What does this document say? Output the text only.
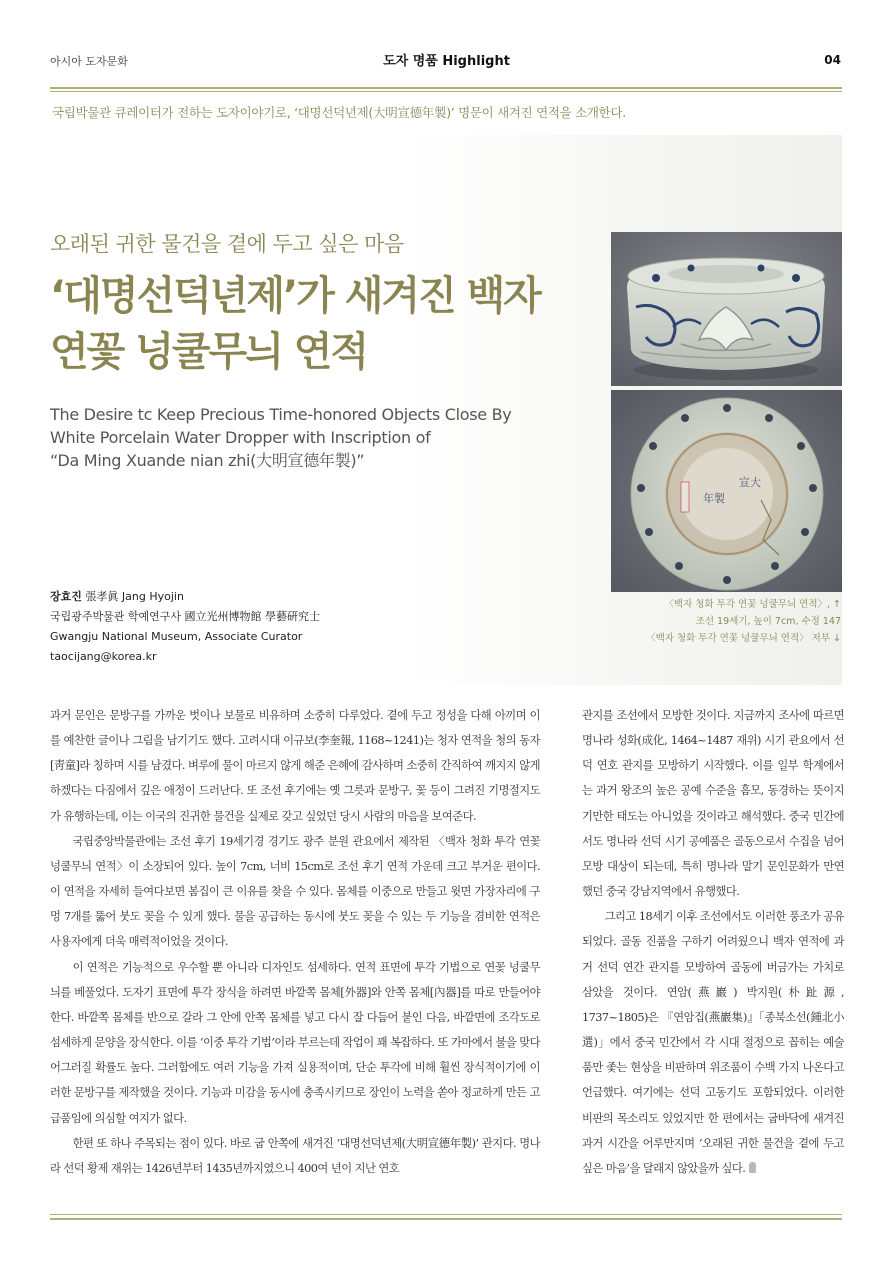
아시아 도자문화	도자 명품 Highlight	04
국립박물관 큐레이터가 전하는 도자이야기로, ‘대명선덕년제(大明宣德年製)’ 명문이 새겨진 연적을 소개한다.
오래된 귀한 물건을 곁에 두고 싶은 마음
‘대명선덕년제’가 새겨진 백자
연꽃 넝쿨무늬 연적
The Desire tc Keep Precious Time-honored Objects Close By
White Porcelain Water Dropper with Inscription of
“Da Ming Xuande nian zhi(大明宣德年製)”
宣大
年製
〈백자 청화 투각 연꽃 넝쿨무늬 연적〉, ↑
조선 19세기, 높이 7cm, 수정 147
〈백자 청화 투각 연꽃 넝쿨무늬 연적〉 저부 ↓
장효진 張孝眞 Jang Hyojin
국립광주박물관 학예연구사 國立光州博物館 學藝硏究士
Gwangju National Museum, Associate Curator
taocijang@korea.kr

과거 문인은 문방구를 가까운 벗이나 보물로 비유하며 소중히 다루었다. 곁에 두고 정성을 다해 아끼며 이를 예찬한 글이나 그림을 남기기도 했다. 고려시대 이규보(李奎報, 1168~1241)는 청자 연적을 청의 동자[靑童]라 칭하며 시를 남겼다. 벼루에 물이 마르지 않게 해준 은혜에 감사하며 소중히 간직하여 깨지지 않게 하겠다는 다짐에서 깊은 애정이 드러난다. 또 조선 후기에는 옛 그릇과 문방구, 꽃 등이 그려진 기명절지도가 유행하는데, 이는 이국의 진귀한 물건을 실제로 갖고 싶었던 당시 사람의 마음을 보여준다.

국립중앙박물관에는 조선 후기 19세기경 경기도 광주 분원 관요에서 제작된 〈백자 청화 투각 연꽃 넝쿨무늬 연적〉이 소장되어 있다. 높이 7cm, 너비 15cm로 조선 후기 연적 가운데 크고 부거운 편이다. 이 연적을 자세히 들여다보면 봄집이 큰 이유를 찾을 수 있다. 몸체를 이중으로 만들고 윗면 가장자리에 구멍 7개를 뚫어 붓도 꽂을 수 있게 했다. 물을 공급하는 동시에 붓도 꽂을 수 있는 두 기능을 겸비한 연적은 사용자에게 더욱 매력적이었을 것이다.

이 연적은 기능적으로 우수할 뿐 아니라 디자인도 섬세하다. 연적 표면에 투각 기법으로 연꽃 넝쿨무늬를 베풀었다. 도자기 표면에 투각 장식을 하려면 바깥쪽 몸체[外器]와 안쪽 몸체[內器]를 따로 만들어야 한다. 바깥쪽 몸체를 반으로 갈라 그 안에 안쪽 몸체를 넣고 다시 잘 다듬어 붙인 다음, 바깥면에 조각도로 섬세하게 문양을 장식한다. 이를 ‘이중 투각 기법’이라 부르는데 작업이 꽤 복잡하다. 또 가마에서 불을 맞다 어그러질 확률도 높다. 그러함에도 여러 기능을 가져 실용적이며, 단순 투각에 비해 훨씬 장식적이기에 이러한 문방구를 제작했을 것이다. 기능과 미감을 동시에 충족시키므로 장인이 노력을 쏟아 정교하게 만든 고급품임에 의심할 여지가 없다.

한편 또 하나 주목되는 점이 있다. 바로 굽 안쪽에 새겨진 ‘대명선덕년제(大明宣德年製)’ 관지다. 명나라 선덕 황제 재위는 1426년부터 1435년까지였으니 400여 년이 지난 연호

관지를 조선에서 모방한 것이다. 지금까지 조사에 따르면 명나라 성화(成化, 1464~1487 재위) 시기 관요에서 선덕 연호 관지를 모방하기 시작했다. 이를 일부 학계에서는 과거 왕조의 높은 공예 수준을 흠모, 동경하는 뜻이지 기만한 태도는 아니었을 것이라고 해석했다. 중국 민간에서도 명나라 선덕 시기 공예품은 골동으로서 수집을 넘어 모방 대상이 되는데, 특히 명나라 말기 문인문화가 만연했던 중국 강남지역에서 유행했다.

그리고 18세기 이후 조선에서도 이러한 풍조가 공유되었다. 골동 진품을 구하기 어려웠으니 백자 연적에 과거 선덕 연간 관지를 모방하여 골동에 버금가는 가치로 삼았을 것이다. 연암(燕巖) 박지원(朴趾源, 1737~1805)은 『연암집(燕巖集)』「종북소선(鍾北小選)」에서 중국 민간에서 각 시대 절정으로 꼽히는 예술품만 좇는 현상을 비판하며 위조품이 수백 가지 나온다고 언급했다. 여기에는 선덕 고동기도 포함되었다. 이러한 비판의 목소리도 있었지만 한 편에서는 굽바닥에 새겨진 과거 시간을 어루만지며 ‘오래된 귀한 물건을 곁에 두고 싶은 마음’을 달래지 않았을까 싶다.
